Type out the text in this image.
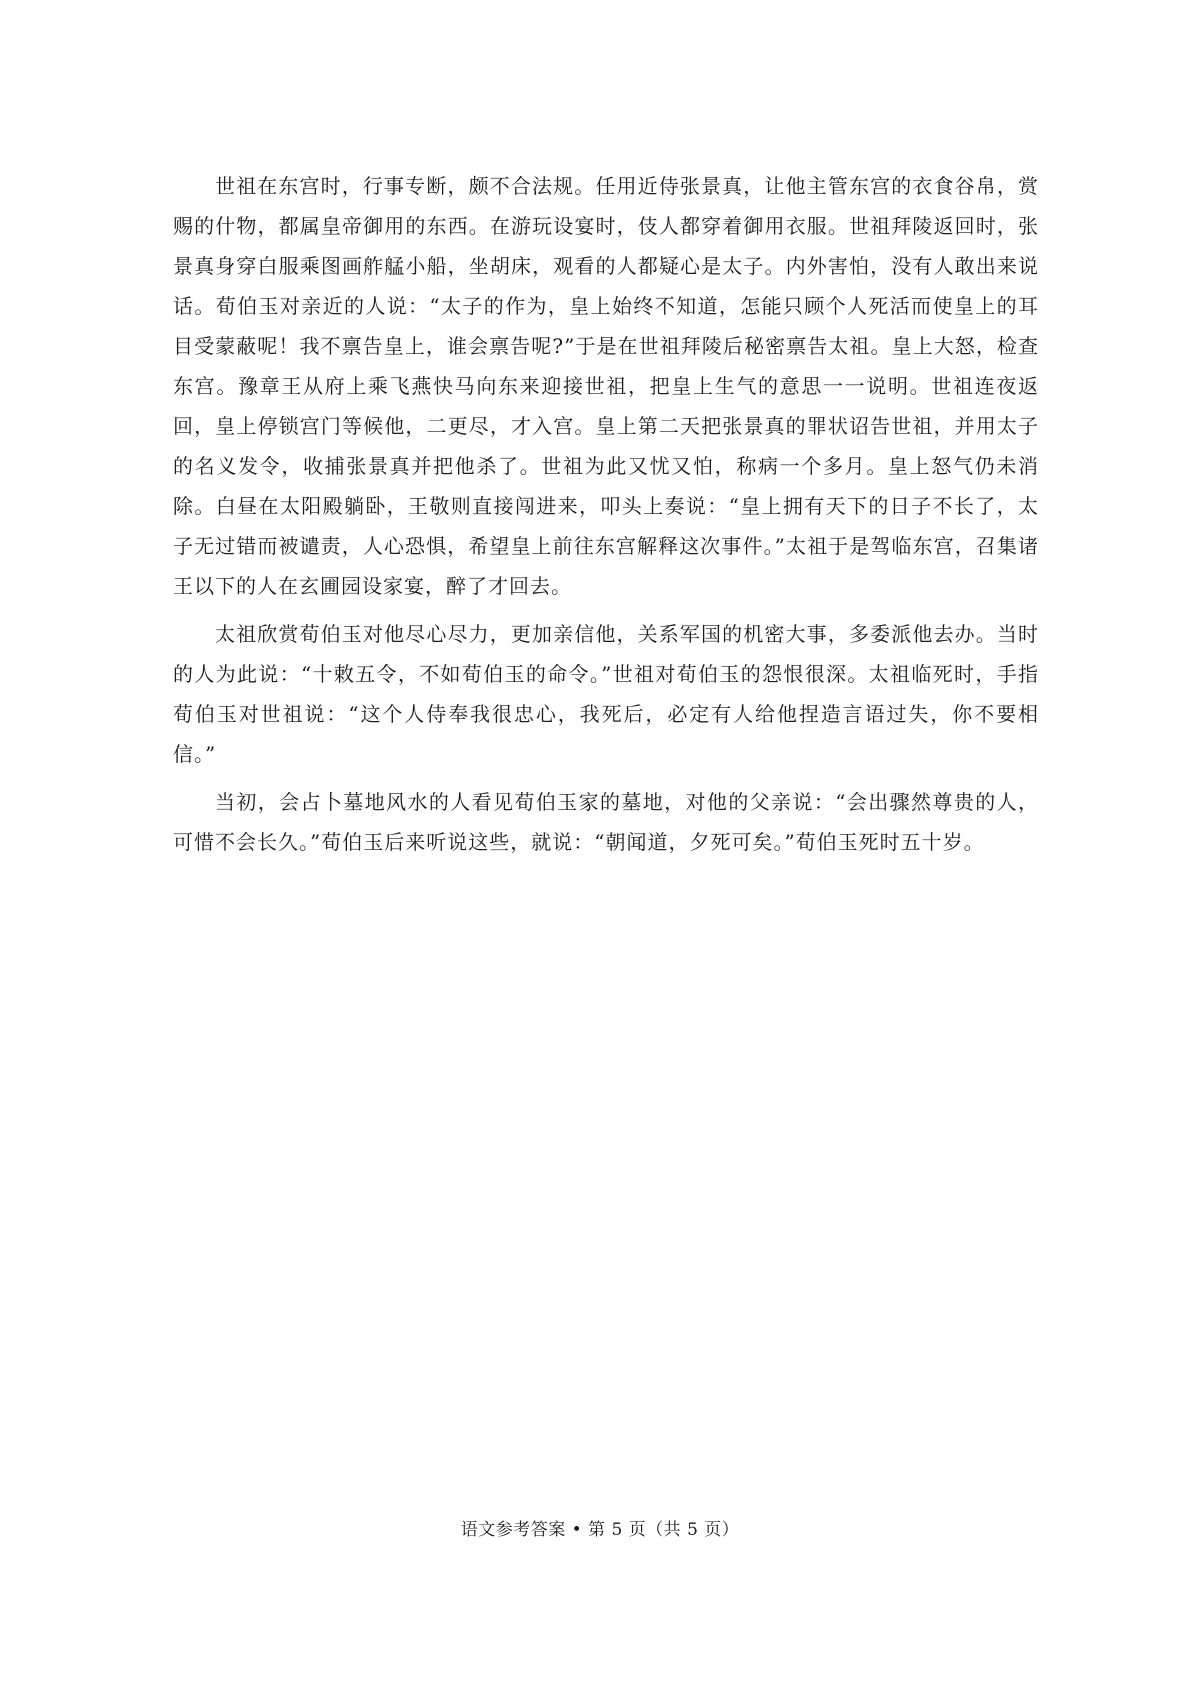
世祖在东宫时，行事专断，颇不合法规。任用近侍张景真，让他主管东宫的衣食谷帛，赏赐的什物，都属皇帝御用的东西。在游玩设宴时，伎人都穿着御用衣服。世祖拜陵返回时，张景真身穿白服乘图画舴艋小船，坐胡床，观看的人都疑心是太子。内外害怕，没有人敢出来说话。荀伯玉对亲近的人说：“太子的作为，皇上始终不知道，怎能只顾个人死活而使皇上的耳目受蒙蔽呢！我不禀告皇上，谁会禀告呢?”于是在世祖拜陵后秘密禀告太祖。皇上大怒，检查东宫。豫章王从府上乘飞燕快马向东来迎接世祖，把皇上生气的意思一一说明。世祖连夜返回，皇上停锁宫门等候他，二更尽，才入宫。皇上第二天把张景真的罪状诏告世祖，并用太子的名义发令，收捕张景真并把他杀了。世祖为此又忧又怕，称病一个多月。皇上怒气仍未消除。白昼在太阳殿躺卧，王敬则直接闯进来，叩头上奏说：“皇上拥有天下的日子不长了，太子无过错而被谴责，人心恐惧，希望皇上前往东宫解释这次事件。”太祖于是驾临东宫，召集诸王以下的人在玄圃园设家宴，醉了才回去。

太祖欣赏荀伯玉对他尽心尽力，更加亲信他，关系军国的机密大事，多委派他去办。当时的人为此说：“十敕五令，不如荀伯玉的命令。”世祖对荀伯玉的怨恨很深。太祖临死时，手指荀伯玉对世祖说：“这个人侍奉我很忠心，我死后，必定有人给他捏造言语过失，你不要相信。”

当初，会占卜墓地风水的人看见荀伯玉家的墓地，对他的父亲说：“会出骤然尊贵的人，可惜不会长久。”荀伯玉后来听说这些，就说：“朝闻道，夕死可矣。”荀伯玉死时五十岁。

语文参考答案 • 第 5 页（共 5 页）
